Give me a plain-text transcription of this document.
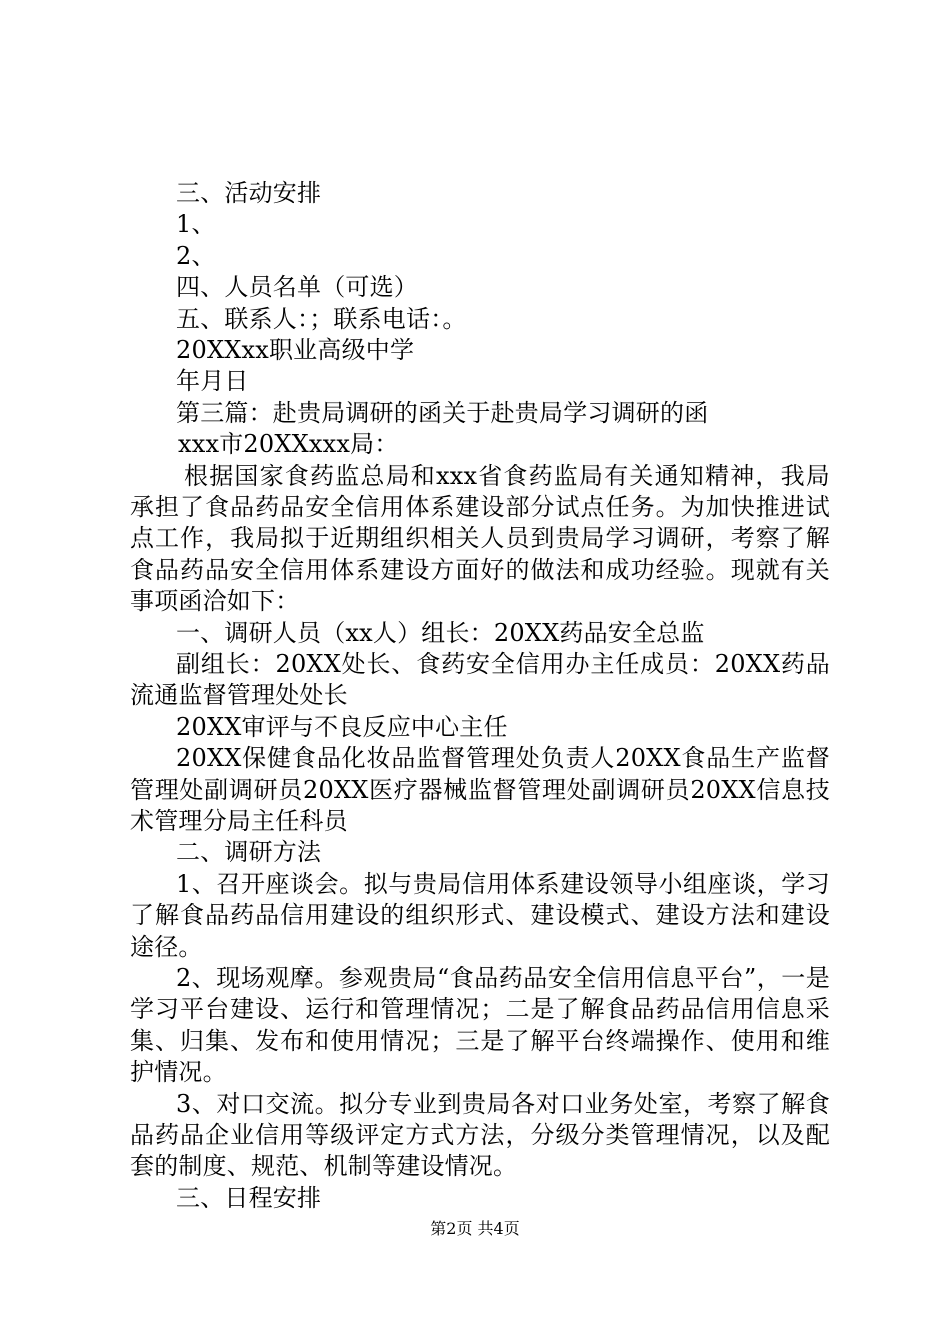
三、活动安排
1、
2、
四、人员名单（可选）
五、联系人：；联系电话：。
20XXxx职业高级中学
年月日
第三篇：赴贵局调研的函关于赴贵局学习调研的函
xxx市20XXxxx局：
根据国家食药监总局和xxx省食药监局有关通知精神，我局承担了食品药品安全信用体系建设部分试点任务。为加快推进试点工作，我局拟于近期组织相关人员到贵局学习调研，考察了解食品药品安全信用体系建设方面好的做法和成功经验。现就有关事项函洽如下：
一、调研人员（xx人）组长：20XX药品安全总监
副组长：20XX处长、食药安全信用办主任成员：20XX药品流通监督管理处处长
20XX审评与不良反应中心主任
20XX保健食品化妆品监督管理处负责人20XX食品生产监督管理处副调研员20XX医疗器械监督管理处副调研员20XX信息技术管理分局主任科员
二、调研方法
1、召开座谈会。拟与贵局信用体系建设领导小组座谈，学习了解食品药品信用建设的组织形式、建设模式、建设方法和建设途径。
2、现场观摩。参观贵局“食品药品安全信用信息平台”，一是学习平台建设、运行和管理情况；二是了解食品药品信用信息采集、归集、发布和使用情况；三是了解平台终端操作、使用和维护情况。
3、对口交流。拟分专业到贵局各对口业务处室，考察了解食品药品企业信用等级评定方式方法，分级分类管理情况，以及配套的制度、规范、机制等建设情况。
三、日程安排
第2页 共4页
